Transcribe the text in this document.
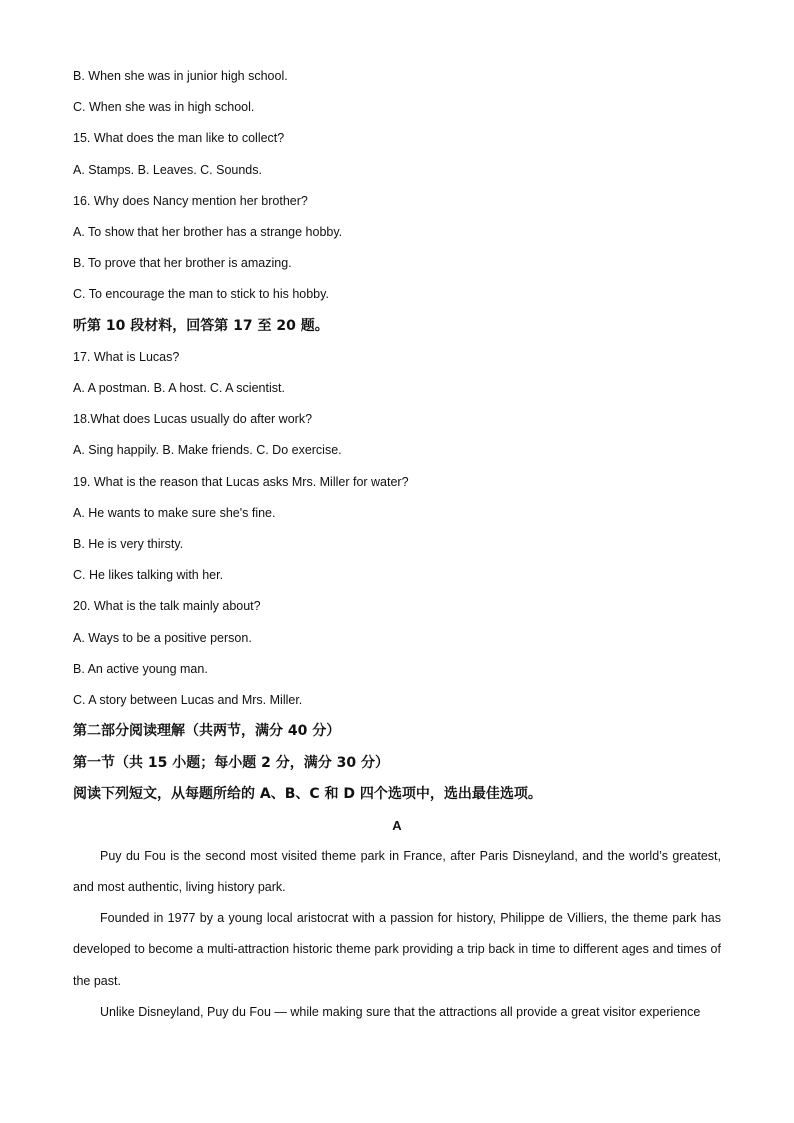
B. When she was in junior high school.

C. When she was in high school.

15. What does the man like to collect?

A. Stamps. B. Leaves. C. Sounds.

16. Why does Nancy mention her brother?

A. To show that her brother has a strange hobby.

B. To prove that her brother is amazing.

C. To encourage the man to stick to his hobby.

听第 10 段材料，回答第 17 至 20 题。

17. What is Lucas?

A. A postman. B. A host. C. A scientist.

18.What does Lucas usually do after work?

A. Sing happily. B. Make friends. C. Do exercise.

19. What is the reason that Lucas asks Mrs. Miller for water?

A. He wants to make sure she's fine.

B. He is very thirsty.

C. He likes talking with her.

20. What is the talk mainly about?

A. Ways to be a positive person.

B. An active young man.

C. A story between Lucas and Mrs. Miller.

第二部分阅读理解（共两节，满分 40 分）

第一节（共 15 小题；每小题 2 分，满分 30 分）

阅读下列短文，从每题所给的 A、B、C 和 D 四个选项中，选出最佳选项。

A

Puy du Fou is the second most visited theme park in France, after Paris Disneyland, and the world’s greatest, and most authentic, living history park.

Founded in 1977 by a young local aristocrat with a passion for history, Philippe de Villiers, the theme park has developed to become a multi-attraction historic theme park providing a trip back in time to different ages and times of the past.

Unlike Disneyland, Puy du Fou — while making sure that the attractions all provide a great visitor experience
